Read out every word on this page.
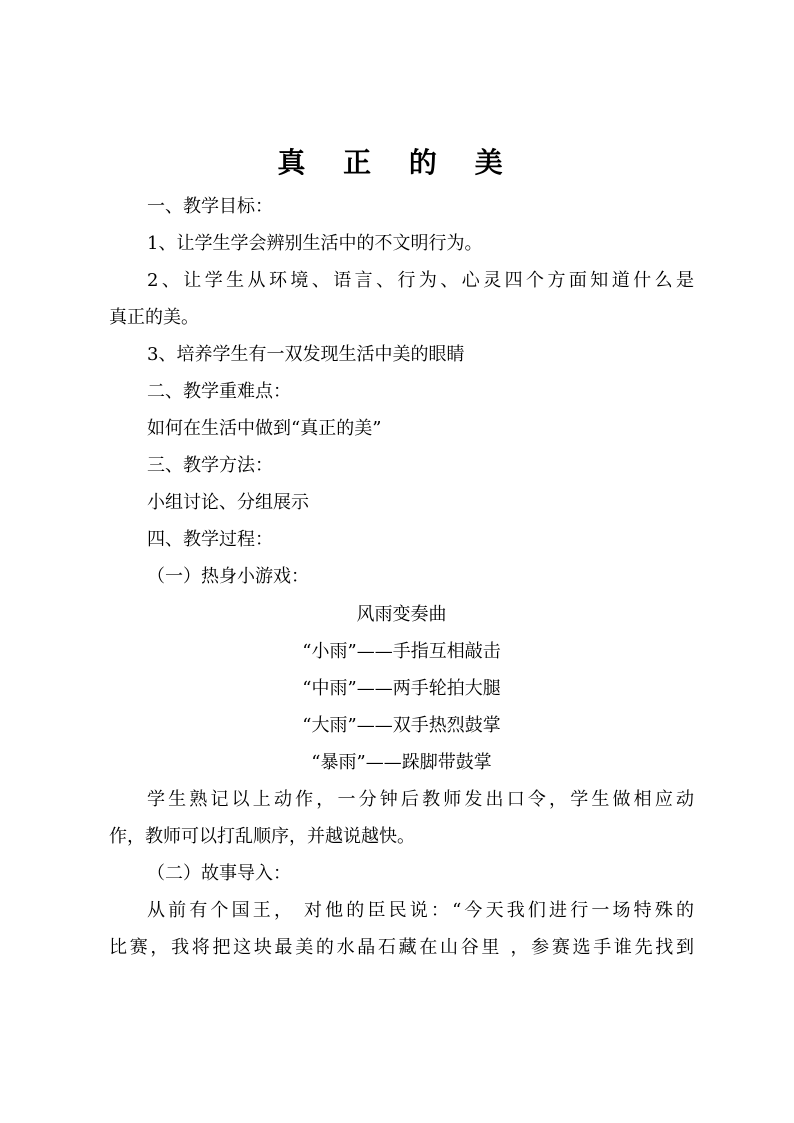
真 正 的 美
一、教学目标：
1、让学生学会辨别生活中的不文明行为。
2、让学生从环境、语言、行为、心灵四个方面知道什么是
真正的美。
3、培养学生有一双发现生活中美的眼睛
二、教学重难点：
如何在生活中做到“真正的美”
三、教学方法：
小组讨论、分组展示
四、教学过程：
（一）热身小游戏：
风雨变奏曲
“小雨”——手指互相敲击
“中雨”——两手轮拍大腿
“大雨”——双手热烈鼓掌
“暴雨”——跺脚带鼓掌
学生熟记以上动作，一分钟后教师发出口令，学生做相应动
作，教师可以打乱顺序，并越说越快。
（二）故事导入：
从前有个国王， 对他的臣民说：“今天我们进行一场特殊的
比赛，我将把这块最美的水晶石藏在山谷里 ，参赛选手谁先找到
